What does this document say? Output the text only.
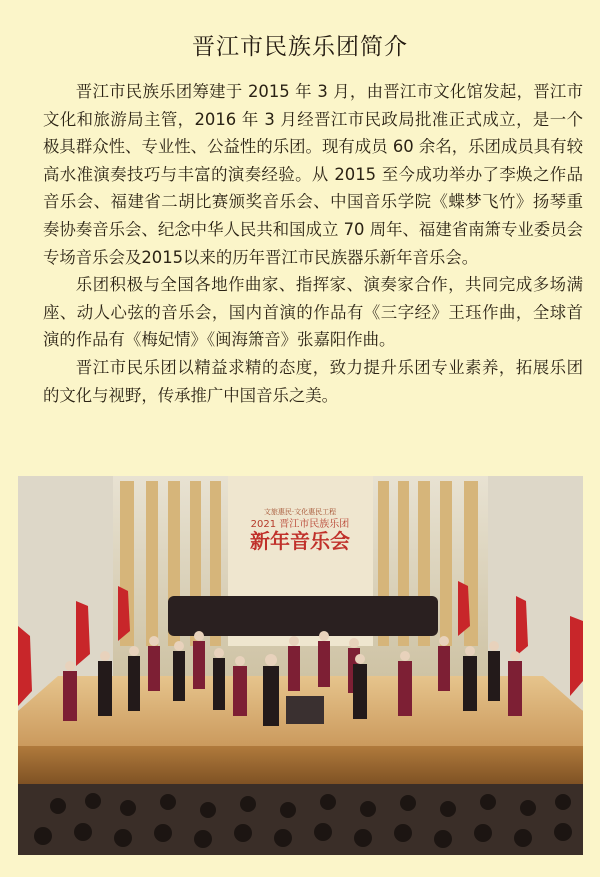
晋江市民族乐团简介

晋江市民族乐团筹建于 2015 年 3 月，由晋江市文化馆发起，晋江市文化和旅游局主管，2016 年 3 月经晋江市民政局批准正式成立，是一个极具群众性、专业性、公益性的乐团。现有成员 60 余名，乐团成员具有较高水准演奏技巧与丰富的演奏经验。从 2015 至今成功举办了李焕之作品音乐会、福建省二胡比赛颁奖音乐会、中国音乐学院《蝶梦飞竹》扬琴重奏协奏音乐会、纪念中华人民共和国成立 70 周年、福建省南箫专业委员会专场音乐会及2015以来的历年晋江市民族器乐新年音乐会。

乐团积极与全国各地作曲家、指挥家、演奏家合作，共同完成多场满座、动人心弦的音乐会，国内首演的作品有《三字经》王珏作曲，全球首演的作品有《梅妃情》《闽海箫音》张嘉阳作曲。

晋江市民乐团以精益求精的态度，致力提升乐团专业素养，拓展乐团的文化与视野，传承推广中国音乐之美。

文旅惠民·文化惠民工程
2021 晋江市民族乐团
新年音乐会
